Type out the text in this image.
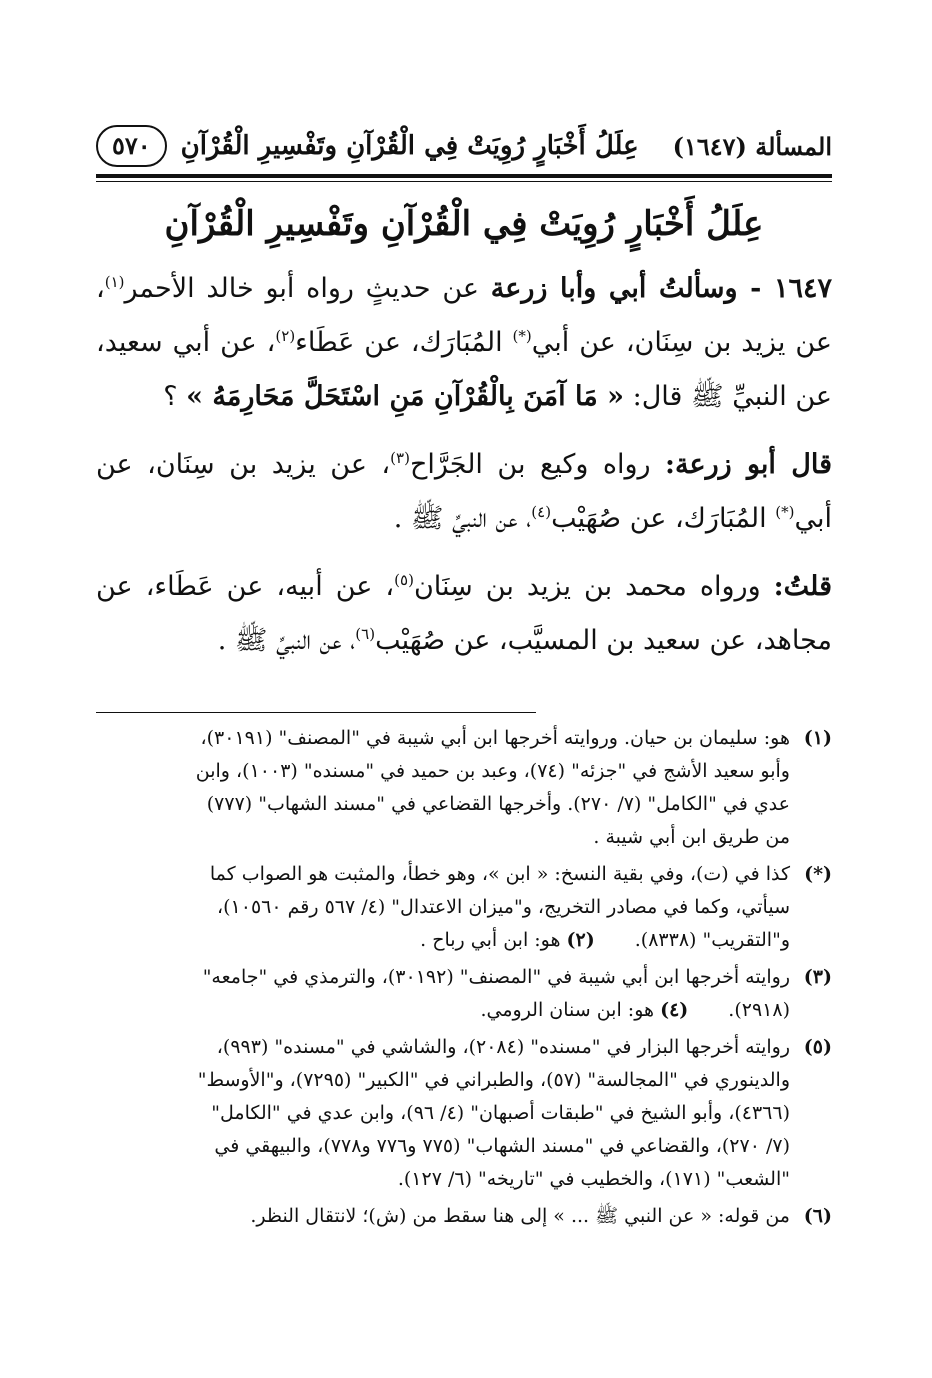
المسألة (١٦٤٧)
عِلَلُ أَخْبَارٍ رُوِيَتْ فِي الْقُرْآنِ وتَفْسِيرِ الْقُرْآنِ
٥٧٠
عِلَلُ أَخْبَارٍ رُوِيَتْ فِي الْقُرْآنِ وتَفْسِيرِ الْقُرْآنِ

١٦٤٧ - وسألتُ أبي وأبا زرعة عن حديثٍ رواه أبو خالد الأحمر$^{(١)}$، عن يزيد بن سِنَان، عن أبي(*) المُبَارَك، عن عَطَاء$^{(٢)}$، عن أبي سعيد، عن النبيِّ ﷺ قال: « مَا آمَنَ بِالْقُرْآنِ مَنِ اسْتَحَلَّ مَحَارِمَهُ » ؟

قال أبو زرعة: رواه وكيع بن الجَرَّاح$^{(٣)}$، عن يزيد بن سِنَان، عن أبي(*) المُبَارَك، عن صُهَيْب$^{(٤)}$، عن النبيِّ ﷺ .

قلتُ: ورواه محمد بن يزيد بن سِنَان$^{(٥)}$، عن أبيه، عن عَطَاء، عن مجاهد، عن سعيد بن المسيَّب، عن صُهَيْب$^{(٦)}$، عن النبيِّ ﷺ .

(١)
هو: سليمان بن حيان. وروايته أخرجها ابن أبي شيبة في "المصنف" (٣٠١٩١)،
وأبو سعيد الأشج في "جزئه" (٧٤)، وعبد بن حميد في "مسنده" (١٠٠٣)، وابن
عدي في "الكامل" (٧/ ٢٧٠). وأخرجها القضاعي في "مسند الشهاب" (٧٧٧)
من طريق ابن أبي شيبة .
(*)
كذا في (ت)، وفي بقية النسخ: « ابن »، وهو خطأ، والمثبت هو الصواب كما
سيأتي، وكما في مصادر التخريج، و"ميزان الاعتدال" (٤/ ٥٦٧ رقم ١٠٥٦٠)،
و"التقريب" (٨٣٣٨).(٢) هو: ابن أبي رباح .
(٣)
روايته أخرجها ابن أبي شيبة في "المصنف" (٣٠١٩٢)، والترمذي في "جامعه"
(٢٩١٨).(٤) هو: ابن سنان الرومي.
(٥)
روايته أخرجها البزار في "مسنده" (٢٠٨٤)، والشاشي في "مسنده" (٩٩٣)،
والدينوري في "المجالسة" (٥٧)، والطبراني في "الكبير" (٧٢٩٥)، و"الأوسط"
(٤٣٦٦)، وأبو الشيخ في "طبقات أصبهان" (٤/ ٩٦)، وابن عدي في "الكامل"
(٧/ ٢٧٠)، والقضاعي في "مسند الشهاب" (٧٧٥ و٧٧٦ و٧٧٨)، والبيهقي في
"الشعب" (١٧١)، والخطيب في "تاريخه" (٦/ ١٢٧).
(٦)
من قوله: « عن النبي ﷺ ... » إلى هنا سقط من (ش)؛ لانتقال النظر.
